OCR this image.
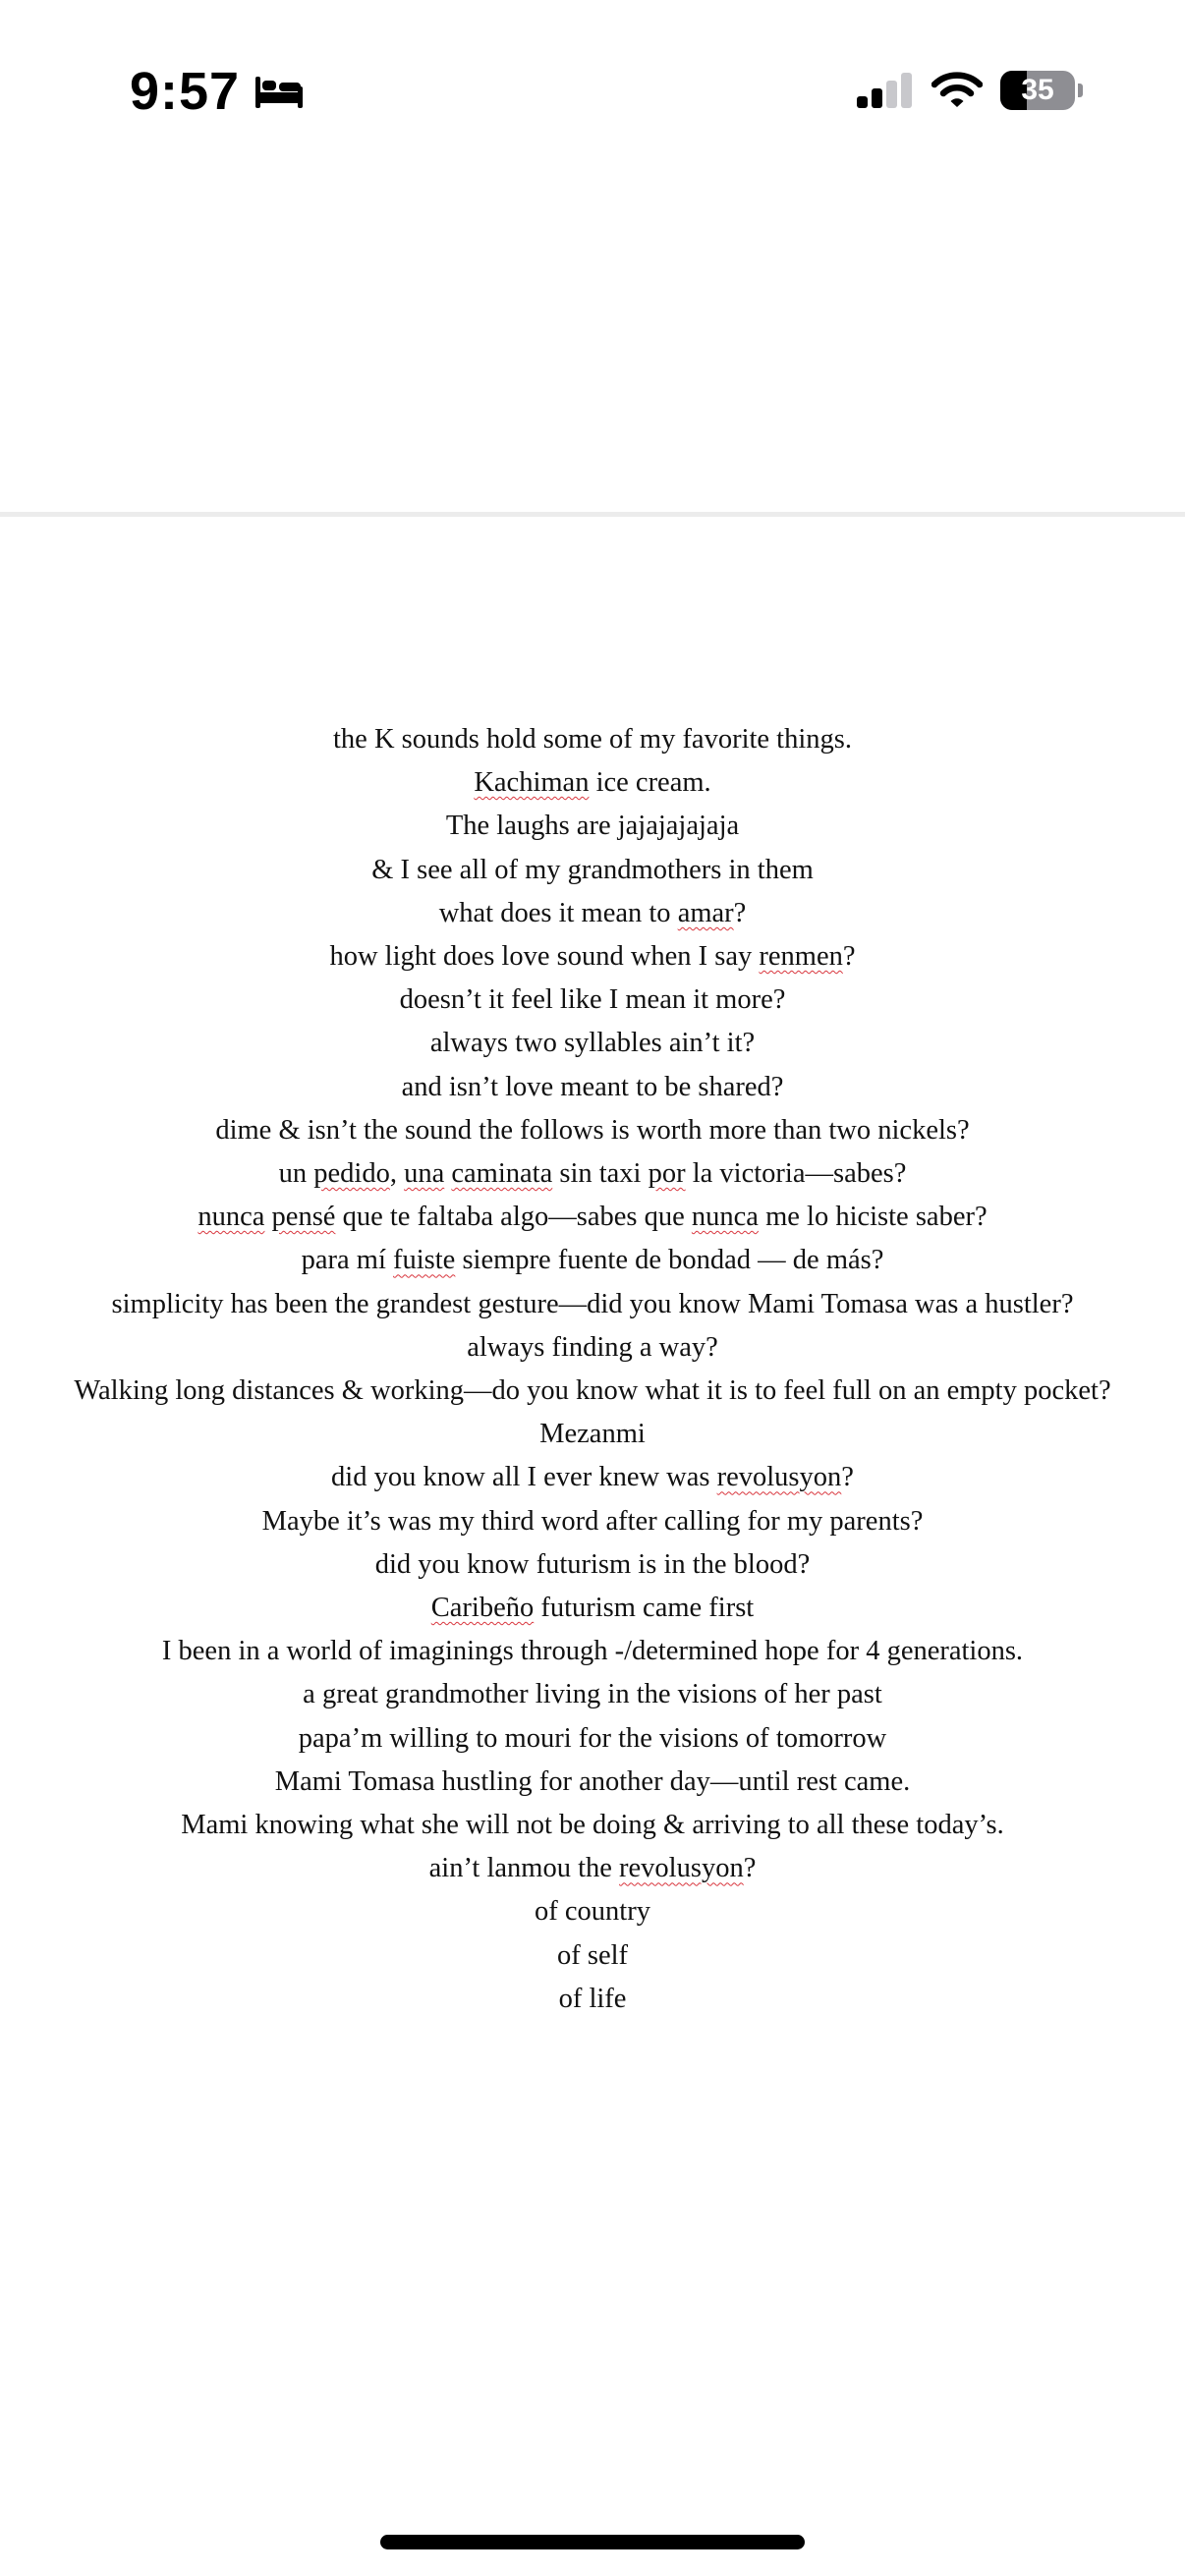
9:57	35
the K sounds hold some of my favorite things.
Kachiman ice cream.
The laughs are jajajajajaja
& I see all of my grandmothers in them
what does it mean to amar?
how light does love sound when I say renmen?
doesn’t it feel like I mean it more?
always two syllables ain’t it?
and isn’t love meant to be shared?
dime & isn’t the sound the follows is worth more than two nickels?
un pedido, una caminata sin taxi por la victoria—sabes?
nunca pensé que te faltaba algo—sabes que nunca me lo hiciste saber?
para mí fuiste siempre fuente de bondad — de más?
simplicity has been the grandest gesture—did you know Mami Tomasa was a hustler?
always finding a way?
Walking long distances & working—do you know what it is to feel full on an empty pocket?
Mezanmi
did you know all I ever knew was revolusyon?
Maybe it’s was my third word after calling for my parents?
did you know futurism is in the blood?
Caribeño futurism came first
I been in a world of imaginings through -/determined hope for 4 generations.
a great grandmother living in the visions of her past
papa’m willing to mouri for the visions of tomorrow
Mami Tomasa hustling for another day—until rest came.
Mami knowing what she will not be doing & arriving to all these today’s.
ain’t lanmou the revolusyon?
of country
of self
of life
